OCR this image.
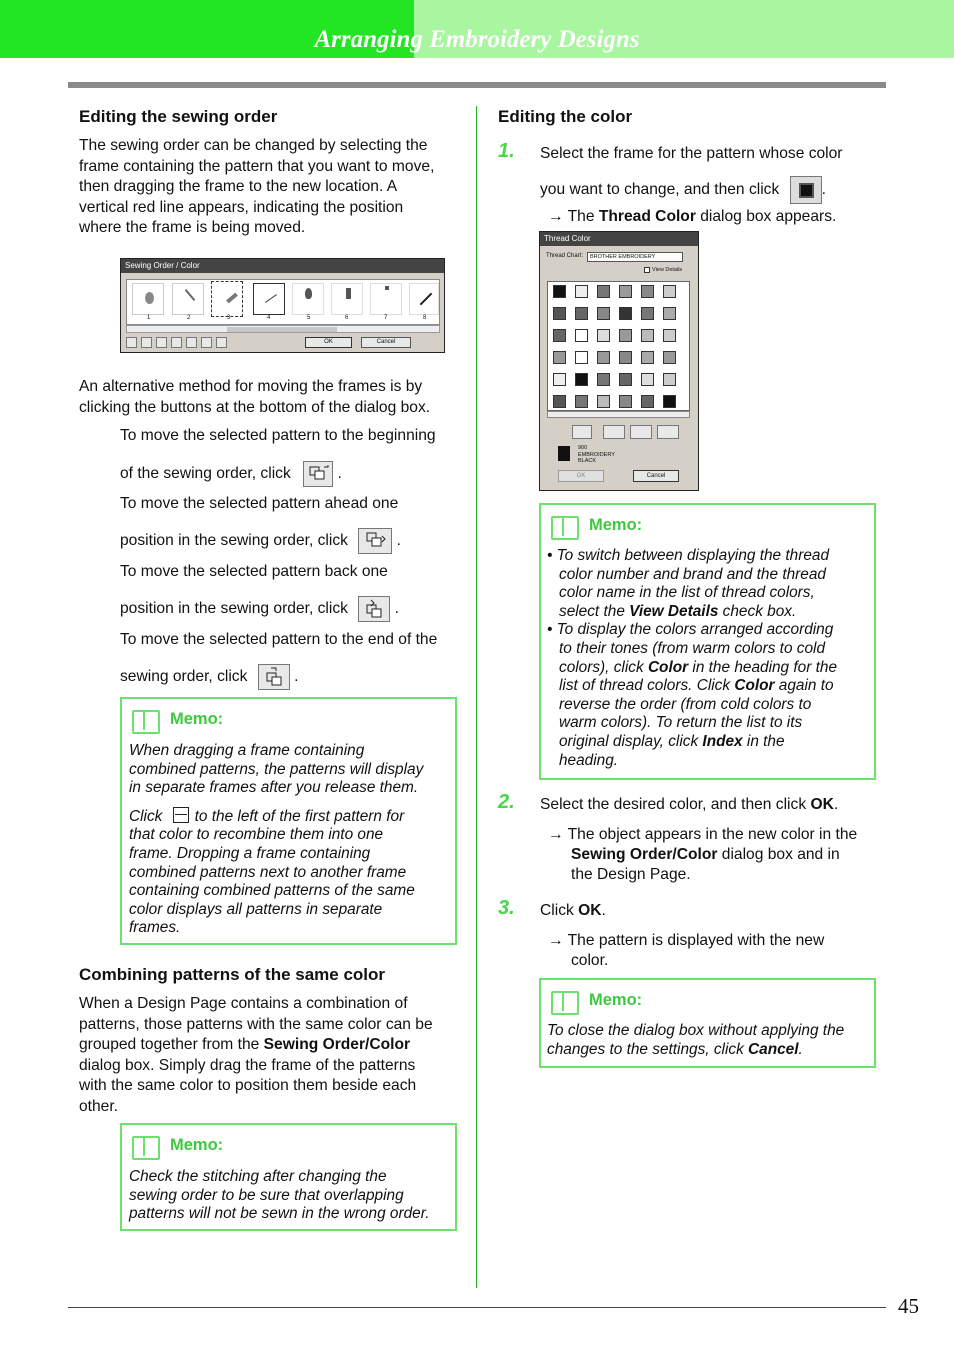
Arranging Embroidery Designs
Editing the sewing order
The sewing order can be changed by selecting the
frame containing the pattern that you want to move,
then dragging the frame to the new location. A
vertical red line appears, indicating the position
where the frame is being moved.
Sewing Order / Color
1	2	3	4	5	6	7	8
OK	Cancel
An alternative method for moving the frames is by
clicking the buttons at the bottom of the dialog box.
To move the selected pattern to the beginning
of the sewing order, click	.
To move the selected pattern ahead one
position in the sewing order, click	.
To move the selected pattern back one
position in the sewing order, click	.
To move the selected pattern to the end of the
sewing order, click	.
Memo:
When dragging a frame containing
combined patterns, the patterns will display
in separate frames after you release them.
Click to the left of the first pattern for
that color to recombine them into one
frame. Dropping a frame containing
combined patterns next to another frame
containing combined patterns of the same
color displays all patterns in separate
frames.
Combining patterns of the same color
When a Design Page contains a combination of
patterns, those patterns with the same color can be
grouped together from the Sewing Order/Color
dialog box. Simply drag the frame of the patterns
with the same color to position them beside each
other.
Memo:
Check the stitching after changing the
sewing order to be sure that overlapping
patterns will not be sewn in the wrong order.
Editing the color
1. Select the frame for the pattern whose color
you want to change, and then click	.
→ The Thread Color dialog box appears.
Thread Color
Thread Chart:	BROTHER EMBROIDERY
View Details
900
EMBROIDERY
BLACK
OK	Cancel
Memo:
• To switch between displaying the thread
color number and brand and the thread
color name in the list of thread colors,
select the View Details check box.
• To display the colors arranged according
to their tones (from warm colors to cold
colors), click Color in the heading for the
list of thread colors. Click Color again to
reverse the order (from cold colors to
warm colors). To return the list to its
original display, click Index in the
heading.
2. Select the desired color, and then click OK.
→ The object appears in the new color in the
Sewing Order/Color dialog box and in
the Design Page.
3. Click OK.
→ The pattern is displayed with the new
color.
Memo:
To close the dialog box without applying the
changes to the settings, click Cancel.
45
